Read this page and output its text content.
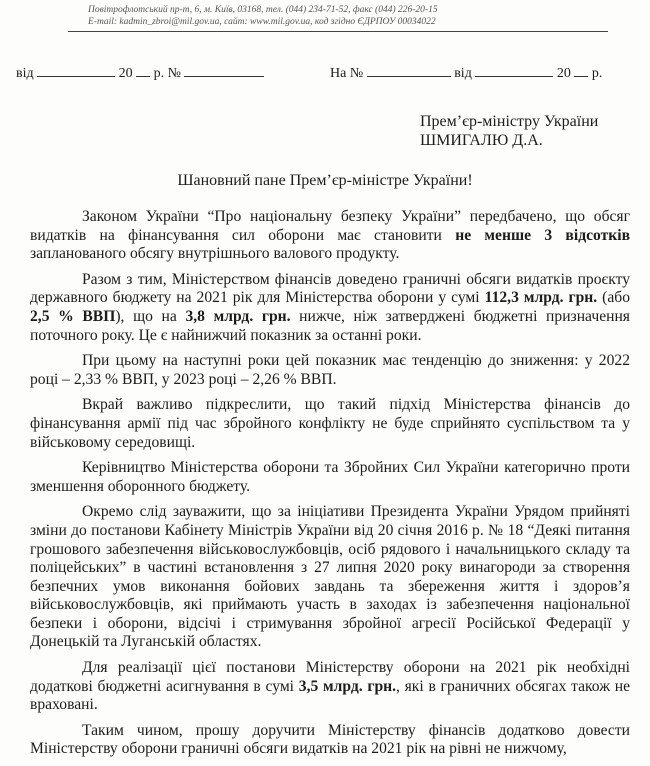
Повітрофлотський пр-т, 6, м. Київ, 03168, тел. (044) 234-71-52, факс (044) 226-20-15
E-mail: kadmin_zbroi@mil.gov.ua, сайт: www.mil.gov.ua, код згідно ЄДРПОУ 00034022
від	20 р. №	На №	від	20 р.
Прем’єр-міністру України
ШМИГАЛЮ Д.А.
Шановний пане Прем’єр-міністре України!

Законом України “Про національну безпеку України” передбачено, що обсяг видатків на фінансування сил оборони має становити не менше 3 відсотків запланованого обсягу внутрішнього валового продукту.

Разом з тим, Міністерством фінансів доведено граничні обсяги видатків проєкту державного бюджету на 2021 рік для Міністерства оборони у сумі 112,3 млрд. грн. (або 2,5 % ВВП), що на 3,8 млрд. грн. нижче, ніж затверджені бюджетні призначення поточного року. Це є найнижчий показник за останні роки.

При цьому на наступні роки цей показник має тенденцію до зниження: у 2022 році – 2,33 % ВВП, у 2023 році – 2,26 % ВВП.

Вкрай важливо підкреслити, що такий підхід Міністерства фінансів до фінансування армії під час збройного конфлікту не буде сприйнято суспільством та у військовому середовищі.

Керівництво Міністерства оборони та Збройних Сил України категорично проти зменшення оборонного бюджету.

Окремо слід зауважити, що за ініціативи Президента України Урядом прийняті зміни до постанови Кабінету Міністрів України від 20 січня 2016 р. № 18 “Деякі питання грошового забезпечення військовослужбовців, осіб рядового і начальницького складу та поліцейських” в частині встановлення з 27 липня 2020 року винагороди за створення безпечних умов виконання бойових завдань та збереження життя і здоров’я військовослужбовців, які приймають участь в заходах із забезпечення національної безпеки і оборони, відсічі і стримування збройної агресії Російської Федерації у Донецькій та Луганській областях.

Для реалізації цієї постанови Міністерству оборони на 2021 рік необхідні додаткові бюджетні асигнування в сумі 3,5 млрд. грн., які в граничних обсягах також не враховані.

Таким чином, прошу доручити Міністерству фінансів додатково довести Міністерству оборони граничні обсяги видатків на 2021 рік на рівні не нижчому,
